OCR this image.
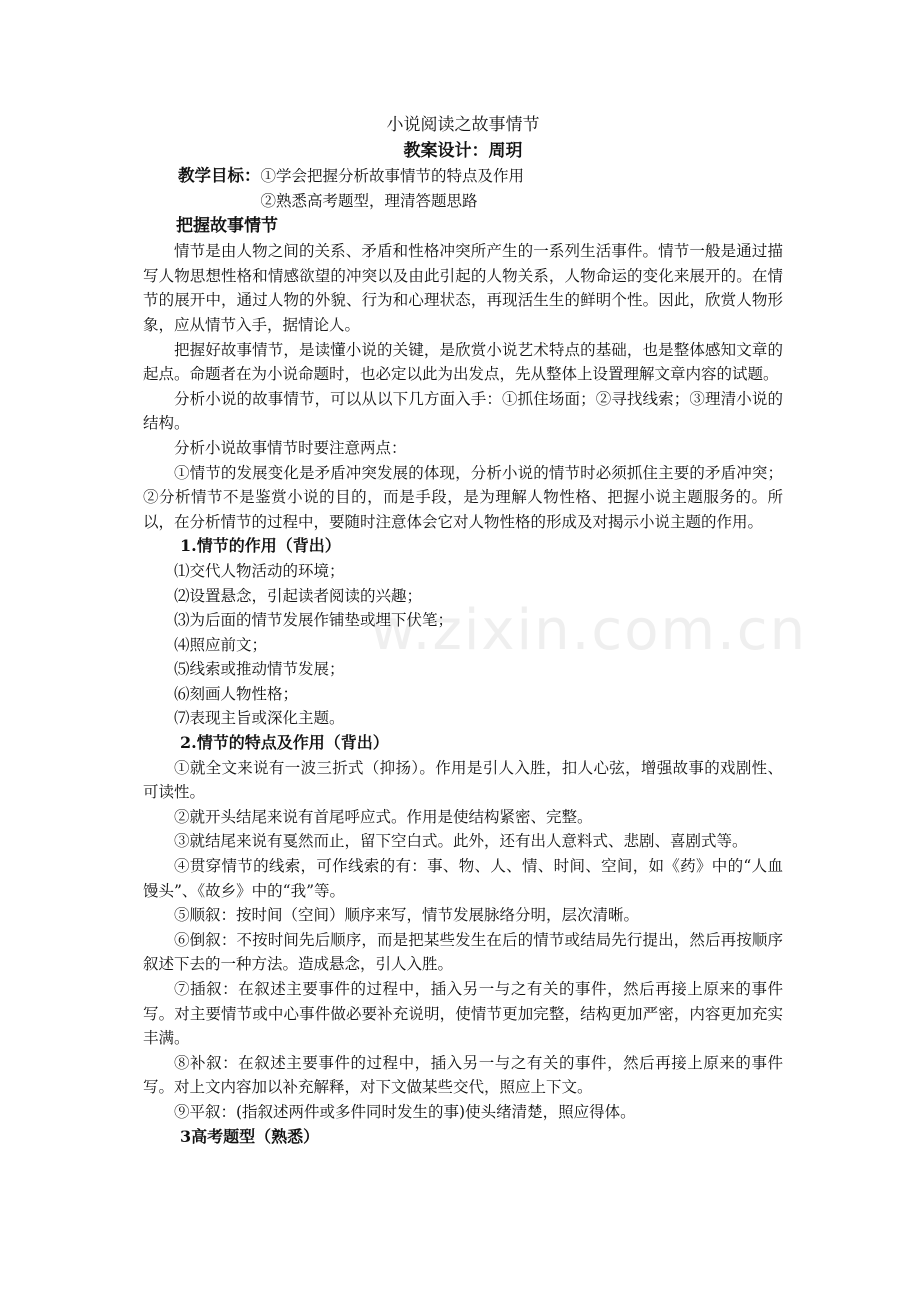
w.zixin.com.cn

小说阅读之故事情节

教案设计：周玥

教学目标： ①学会把握分析故事情节的特点及作用
②熟悉高考题型，理清答题思路
把握故事情节

情节是由人物之间的关系、矛盾和性格冲突所产生的一系列生活事件。情节一般是通过描写人物思想性格和情感欲望的冲突以及由此引起的人物关系，人物命运的变化来展开的。在情节的展开中，通过人物的外貌、行为和心理状态，再现活生生的鲜明个性。因此，欣赏人物形象，应从情节入手，据情论人。

把握好故事情节，是读懂小说的关键，是欣赏小说艺术特点的基础，也是整体感知文章的起点。命题者在为小说命题时，也必定以此为出发点，先从整体上设置理解文章内容的试题。

分析小说的故事情节，可以从以下几方面入手：①抓住场面；②寻找线索；③理清小说的结构。

分析小说故事情节时要注意两点：

①情节的发展变化是矛盾冲突发展的体现，分析小说的情节时必须抓住主要的矛盾冲突；②分析情节不是鉴赏小说的目的，而是手段，是为理解人物性格、把握小说主题服务的。所以，在分析情节的过程中，要随时注意体会它对人物性格的形成及对揭示小说主题的作用。

1.情节的作用（背出）
⑴交代人物活动的环境；
⑵设置悬念，引起读者阅读的兴趣；
⑶为后面的情节发展作铺垫或埋下伏笔；
⑷照应前文；
⑸线索或推动情节发展；
⑹刻画人物性格；
⑺表现主旨或深化主题。
2.情节的特点及作用（背出）

①就全文来说有一波三折式（抑扬）。作用是引人入胜，扣人心弦，增强故事的戏剧性、可读性。

②就开头结尾来说有首尾呼应式。作用是使结构紧密、完整。

③就结尾来说有戛然而止，留下空白式。此外，还有出人意料式、悲剧、喜剧式等。

④贯穿情节的线索，可作线索的有：事、物、人、情、时间、空间，如《药》中的“人血馒头”、《故乡》中的“我”等。

⑤顺叙：按时间（空间）顺序来写，情节发展脉络分明，层次清晰。

⑥倒叙：不按时间先后顺序，而是把某些发生在后的情节或结局先行提出，然后再按顺序叙述下去的一种方法。造成悬念，引人入胜。

⑦插叙：在叙述主要事件的过程中，插入另一与之有关的事件，然后再接上原来的事件写。对主要情节或中心事件做必要补充说明，使情节更加完整，结构更加严密，内容更加充实丰满。

⑧补叙：在叙述主要事件的过程中，插入另一与之有关的事件，然后再接上原来的事件写。对上文内容加以补充解释，对下文做某些交代，照应上下文。

⑨平叙：(指叙述两件或多件同时发生的事)使头绪清楚，照应得体。

3高考题型（熟悉）
